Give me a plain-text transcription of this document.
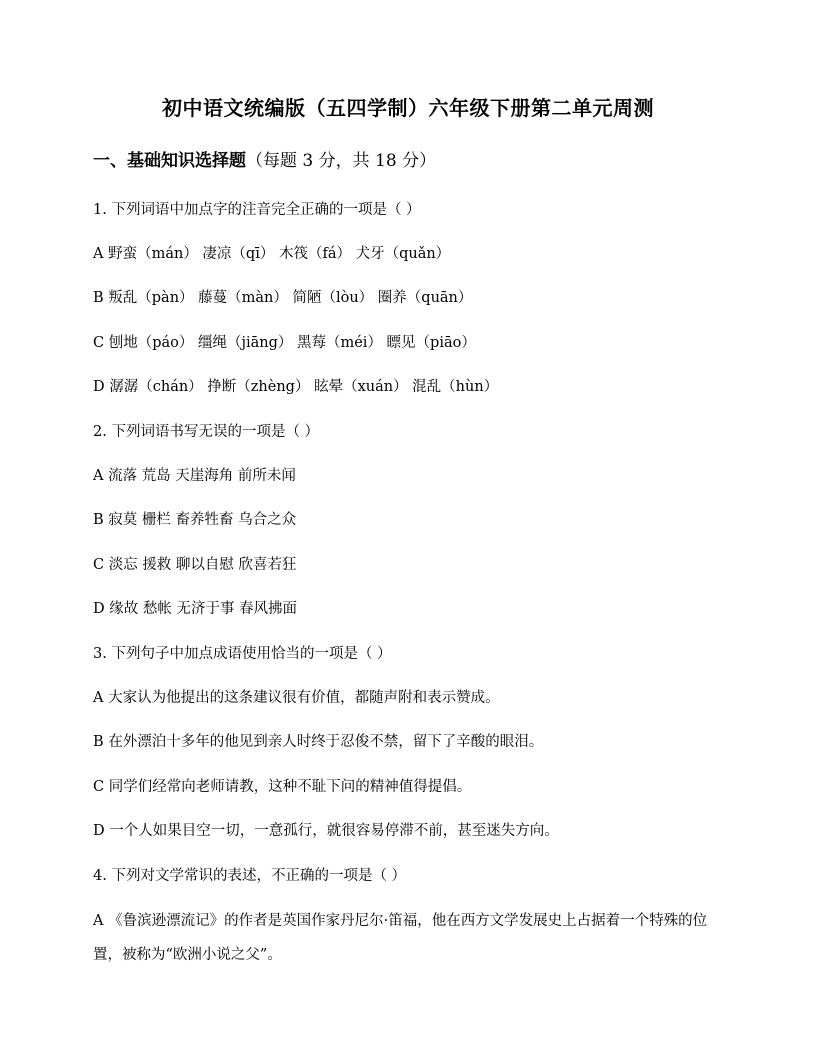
初中语文统编版（五四学制）六年级下册第二单元周测
一、基础知识选择题（每题 3 分，共 18 分）
1. 下列词语中加点字的注音完全正确的一项是（ ）
A 野蛮（mán） 凄凉（qī） 木筏（fá） 犬牙（quǎn）
B 叛乱（pàn） 藤蔓（màn） 简陋（lòu） 圈养（quān）
C 刨地（páo） 缰绳（jiāng） 黑莓（méi） 瞟见（piāo）
D 潺潺（chán） 挣断（zhèng） 眩晕（xuán） 混乱（hùn）
2. 下列词语书写无误的一项是（ ）
A 流落 荒岛 天崖海角 前所未闻
B 寂莫 栅栏 畜养牲畜 乌合之众
C 淡忘 援救 聊以自慰 欣喜若狂
D 缘故 愁帐 无济于事 春风拂面
3. 下列句子中加点成语使用恰当的一项是（ ）
A 大家认为他提出的这条建议很有价值，都随声附和表示赞成。
B 在外漂泊十多年的他见到亲人时终于忍俊不禁，留下了辛酸的眼泪。
C 同学们经常向老师请教，这种不耻下问的精神值得提倡。
D 一个人如果目空一切，一意孤行，就很容易停滞不前，甚至迷失方向。
4. 下列对文学常识的表述，不正确的一项是（ ）
A 《鲁滨逊漂流记》的作者是英国作家丹尼尔·笛福，他在西方文学发展史上占据着一个特殊的位置，被称为“欧洲小说之父”。
